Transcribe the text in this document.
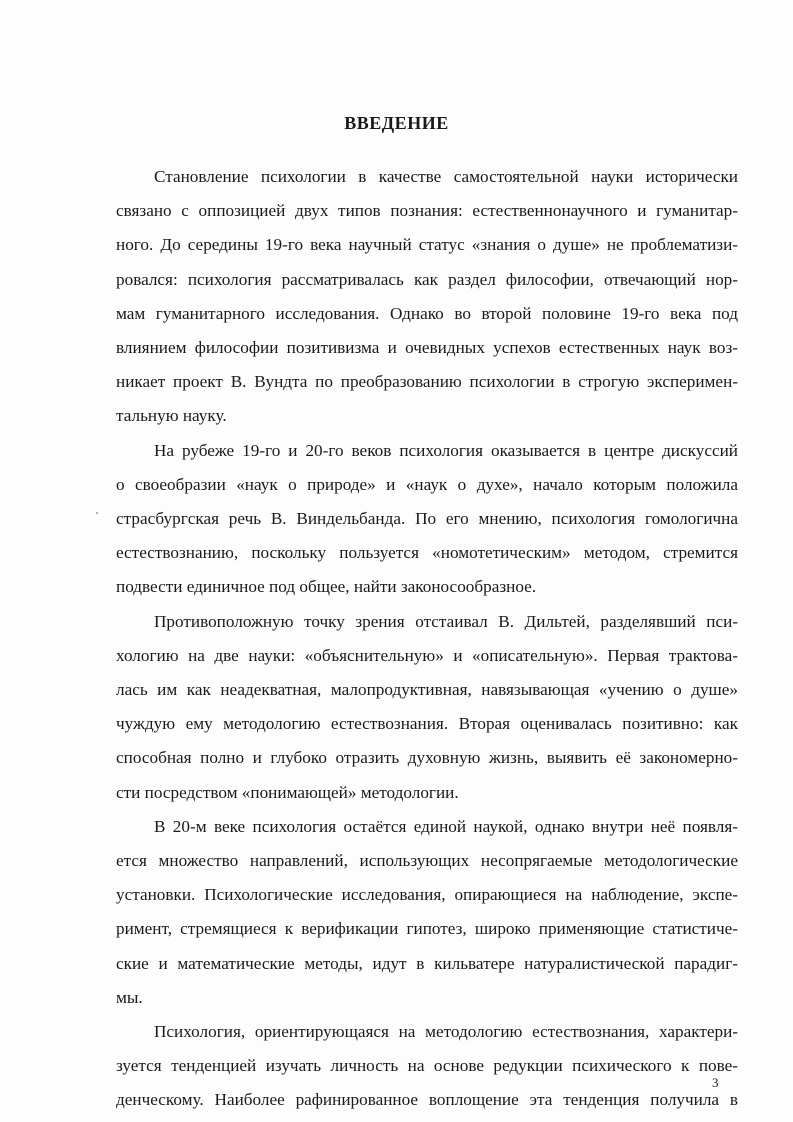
ВВЕДЕНИЕ

Становление психологии в качестве самостоятельной науки исторически
связано с оппозицией двух типов познания: естественнонаучного и гуманитар-
ного. До середины 19-го века научный статус «знания о душе» не проблематизи-
ровался: психология рассматривалась как раздел философии, отвечающий нор-
мам гуманитарного исследования. Однако во второй половине 19-го века под
влиянием философии позитивизма и очевидных успехов естественных наук воз-
никает проект В. Вундта по преобразованию психологии в строгую эксперимен-
тальную науку.

На рубеже 19-го и 20-го веков психология оказывается в центре дискуссий
о своеобразии «наук о природе» и «наук о духе», начало которым положила
страсбургская речь В. Виндельбанда. По его мнению, психология гомологична
естествознанию, поскольку пользуется «номотетическим» методом, стремится
подвести единичное под общее, найти законосообразное.

Противоположную точку зрения отстаивал В. Дильтей, разделявший пси-
хологию на две науки: «объяснительную» и «описательную». Первая трактова-
лась им как неадекватная, малопродуктивная, навязывающая «учению о душе»
чуждую ему методологию естествознания. Вторая оценивалась позитивно: как
способная полно и глубоко отразить духовную жизнь, выявить её закономерно-
сти посредством «понимающей» методологии.

В 20-м веке психология остаётся единой наукой, однако внутри неё появля-
ется множество направлений, использующих несопрягаемые методологические
установки. Психологические исследования, опирающиеся на наблюдение, экспе-
римент, стремящиеся к верификации гипотез, широко применяющие статистиче-
ские и математические методы, идут в кильватере натуралистической парадиг-
мы.

Психология, ориентирующаяся на методологию естествознания, характери-
зуется тенденцией изучать личность на основе редукции психического к пове-
денческому. Наиболее рафинированное воплощение эта тенденция получила в

3
